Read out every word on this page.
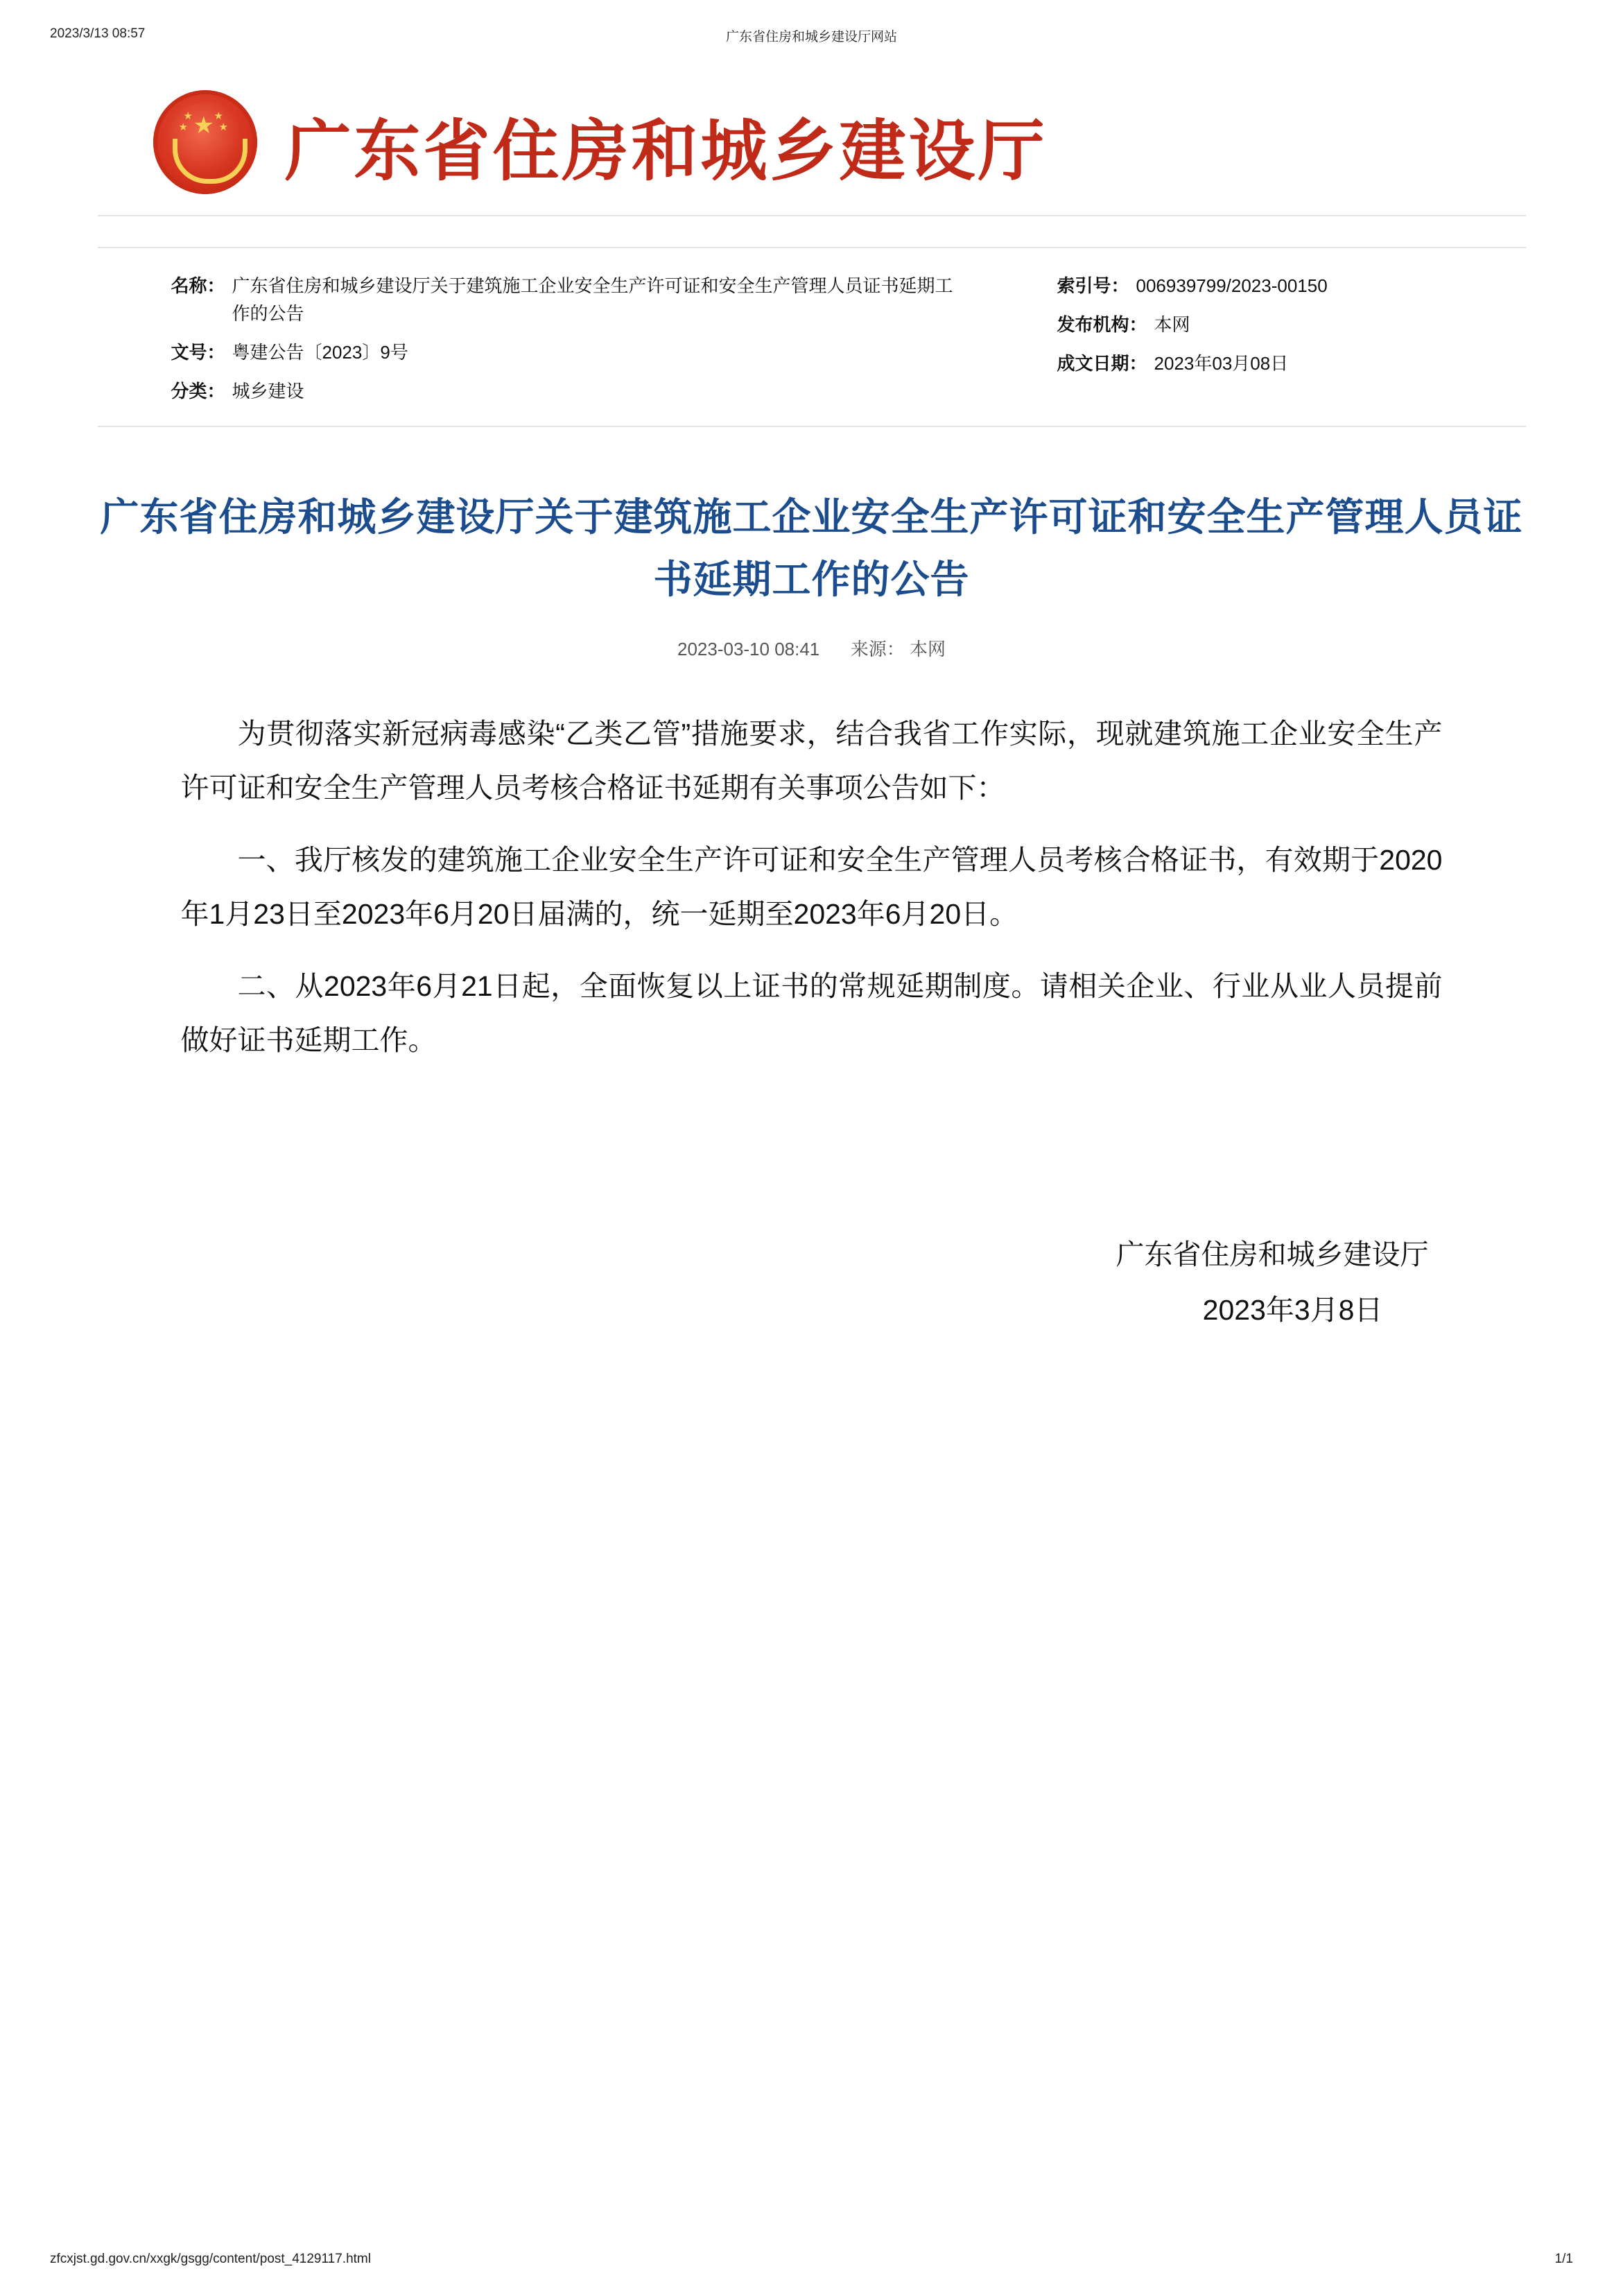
2023/3/13 08:57	广东省住房和城乡建设厅网站
★
★
★
★
★ 广东省住房和城乡建设厅
名称： 广东省住房和城乡建设厅关于建筑施工企业安全生产许可证和安全生产管理人员证书延期工作的公告
文号： 粤建公告〔2023〕9号
分类： 城乡建设
索引号： 006939799/2023-00150
发布机构： 本网
成文日期： 2023年03月08日
广东省住房和城乡建设厅关于建筑施工企业安全生产许可证和安全生产管理人员证书延期工作的公告
2023-03-10 08:41 来源： 本网

为贯彻落实新冠病毒感染“乙类乙管”措施要求，结合我省工作实际，现就建筑施工企业安全生产许可证和安全生产管理人员考核合格证书延期有关事项公告如下：

一、我厅核发的建筑施工企业安全生产许可证和安全生产管理人员考核合格证书，有效期于2020年1月23日至2023年6月20日届满的，统一延期至2023年6月20日。

二、从2023年6月21日起，全面恢复以上证书的常规延期制度。请相关企业、行业从业人员提前做好证书延期工作。

广东省住房和城乡建设厅
2023年3月8日
zfcxjst.gd.gov.cn/xxgk/gsgg/content/post_4129117.html	1/1
